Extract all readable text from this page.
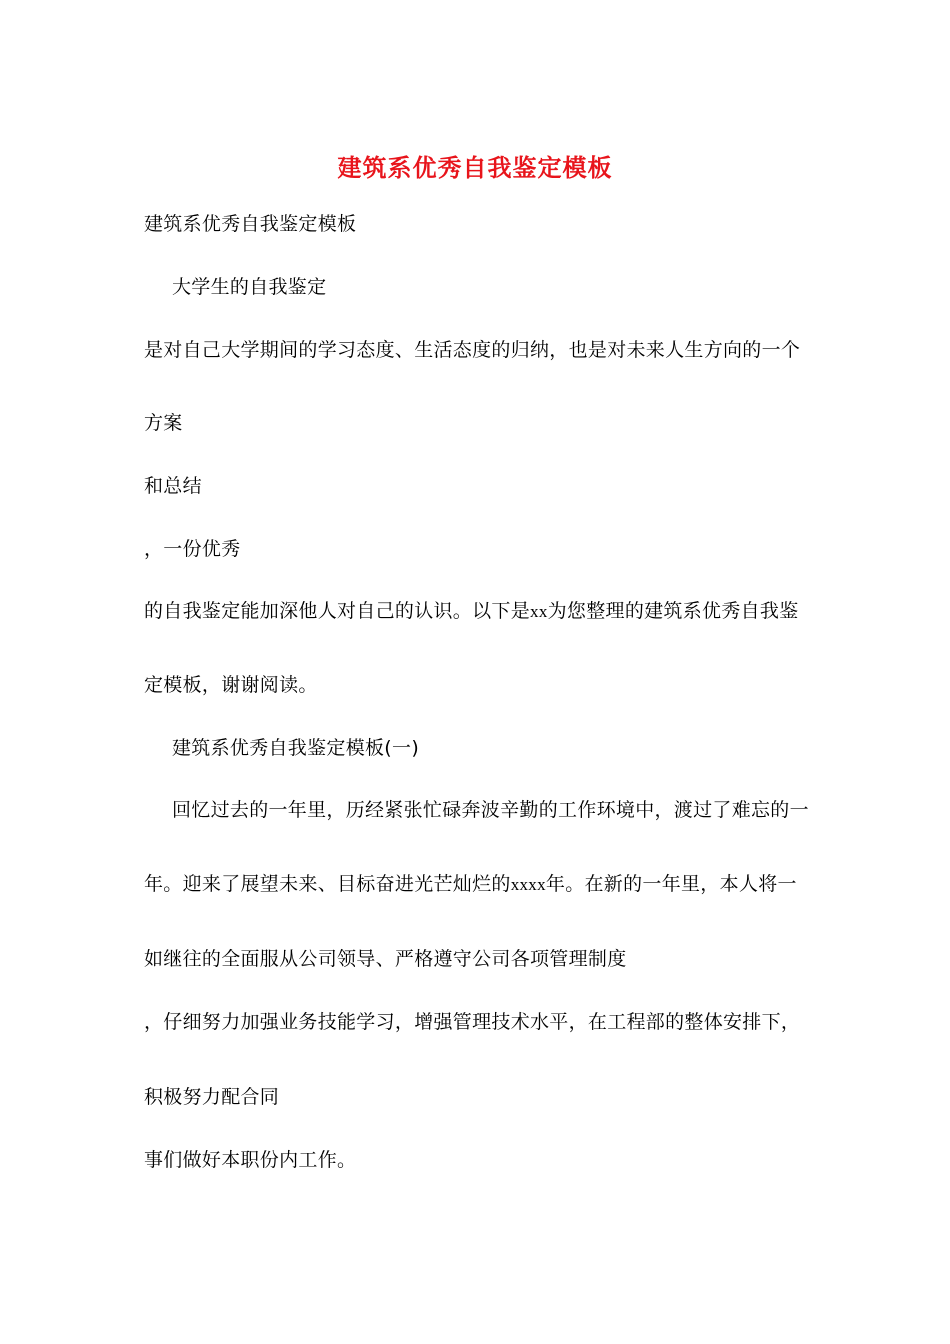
建筑系优秀自我鉴定模板
建筑系优秀自我鉴定模板
大学生的自我鉴定
是对自己大学期间的学习态度、生活态度的归纳，也是对未来人生方向的一个
方案
和总结
，一份优秀
的自我鉴定能加深他人对自己的认识。以下是xx为您整理的建筑系优秀自我鉴
定模板，谢谢阅读。
建筑系优秀自我鉴定模板(一)
回忆过去的一年里，历经紧张忙碌奔波辛勤的工作环境中，渡过了难忘的一
年。迎来了展望未来、目标奋进光芒灿烂的xxxx年。在新的一年里，本人将一
如继往的全面服从公司领导、严格遵守公司各项管理制度
，仔细努力加强业务技能学习，增强管理技术水平，在工程部的整体安排下，
积极努力配合同
事们做好本职份内工作。
